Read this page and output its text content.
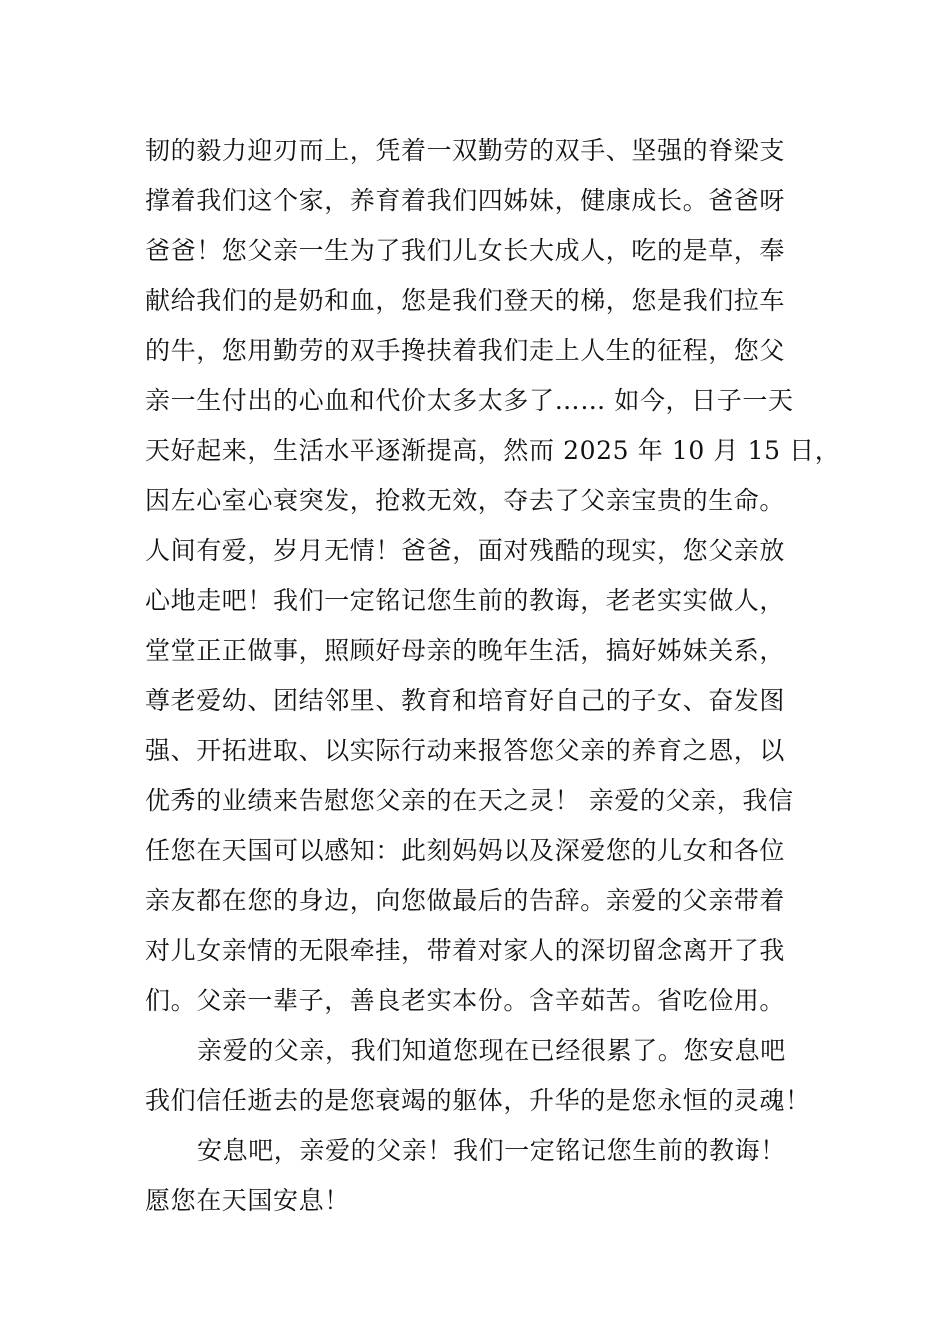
韧的毅力迎刃而上，凭着一双勤劳的双手、坚强的脊梁支
撑着我们这个家，养育着我们四姊妹，健康成长。爸爸呀
爸爸！您父亲一生为了我们儿女长大成人，吃的是草，奉
献给我们的是奶和血，您是我们登天的梯，您是我们拉车
的牛，您用勤劳的双手搀扶着我们走上人生的征程，您父
亲一生付出的心血和代价太多太多了…… 如今，日子一天
天好起来，生活水平逐渐提高，然而 2025 年 10 月 15 日，
因左心室心衰突发，抢救无效，夺去了父亲宝贵的生命。
人间有爱，岁月无情！爸爸，面对残酷的现实，您父亲放
心地走吧！我们一定铭记您生前的教诲，老老实实做人，
堂堂正正做事，照顾好母亲的晚年生活，搞好姊妹关系，
尊老爱幼、团结邻里、教育和培育好自己的子女、奋发图
强、开拓进取、以实际行动来报答您父亲的养育之恩，以
优秀的业绩来告慰您父亲的在天之灵！ 亲爱的父亲，我信
任您在天国可以感知：此刻妈妈以及深爱您的儿女和各位
亲友都在您的身边，向您做最后的告辞。亲爱的父亲带着
对儿女亲情的无限牵挂，带着对家人的深切留念离开了我
们。父亲一辈子，善良老实本份。含辛茹苦。省吃俭用。

亲爱的父亲，我们知道您现在已经很累了。您安息吧
我们信任逝去的是您衰竭的躯体，升华的是您永恒的灵魂！

安息吧，亲爱的父亲！我们一定铭记您生前的教诲！
愿您在天国安息！
